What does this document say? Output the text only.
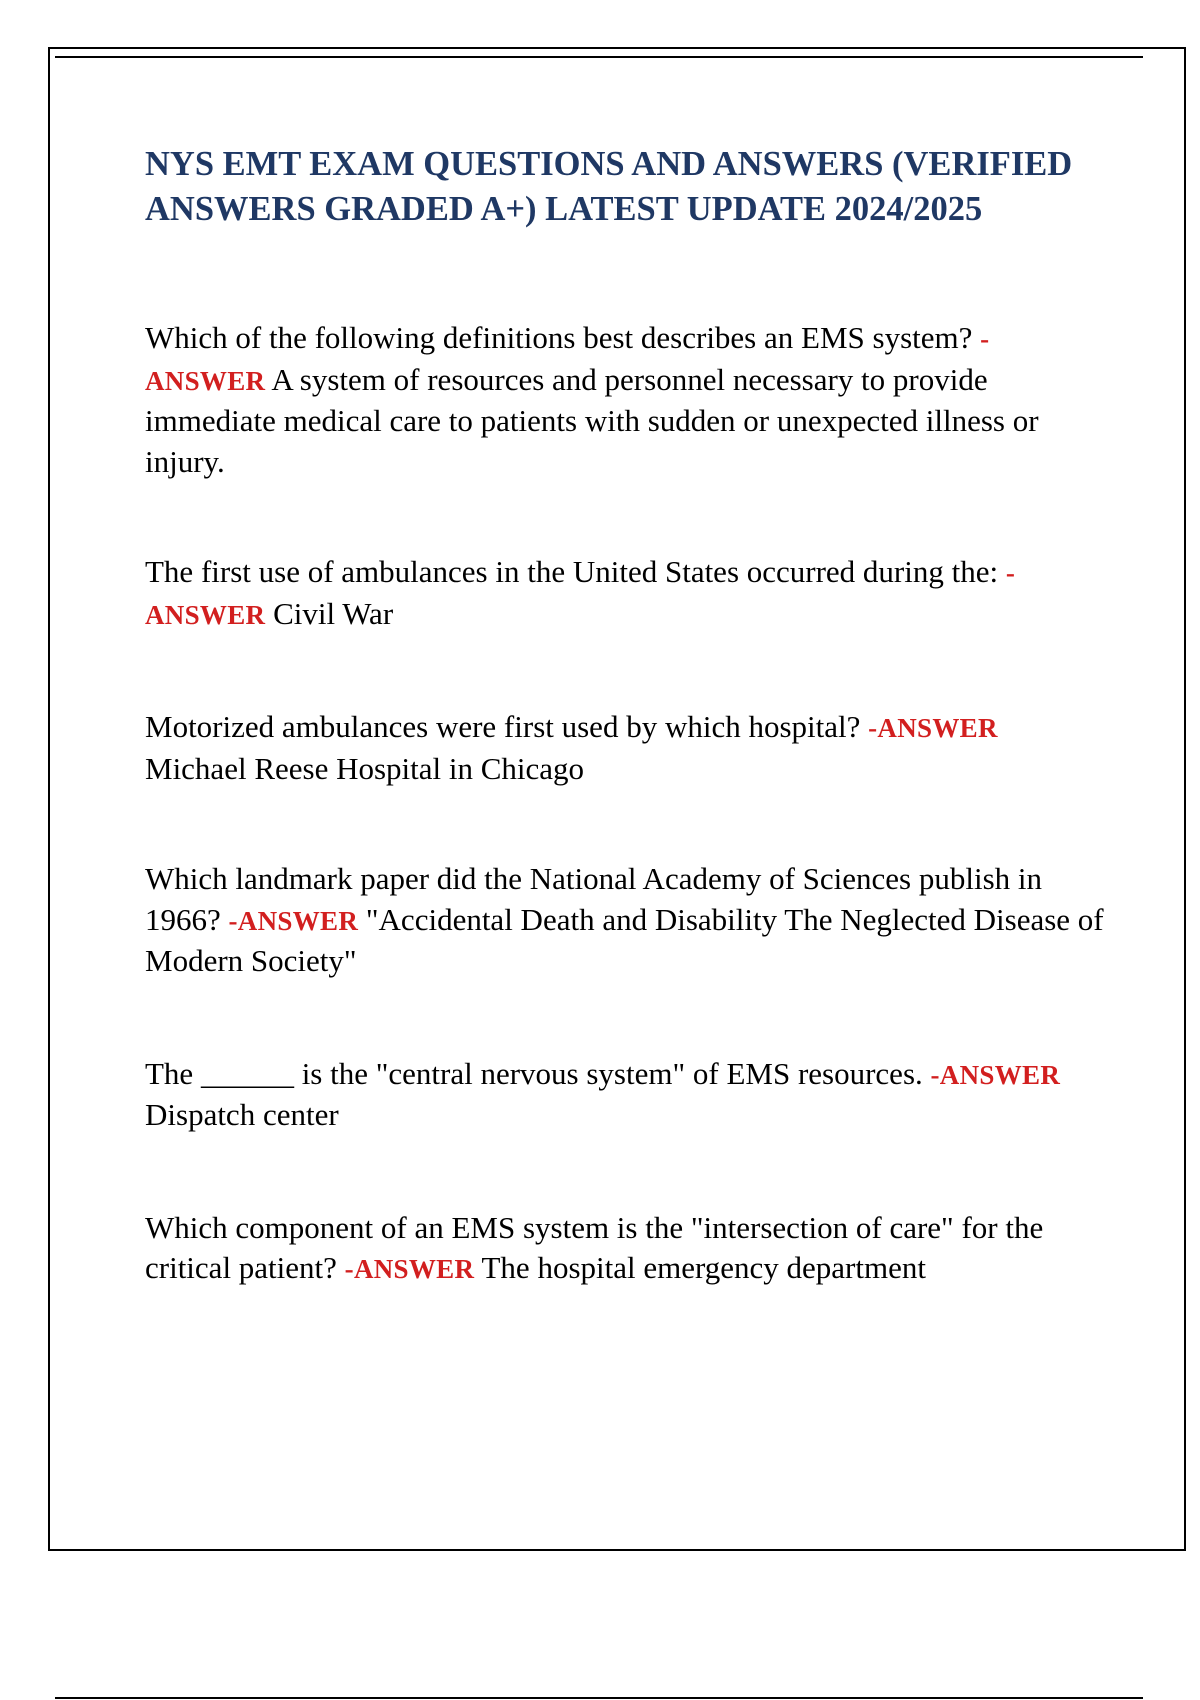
NYS EMT EXAM QUESTIONS AND ANSWERS (VERIFIED ANSWERS GRADED A+) LATEST UPDATE 2024/2025

Which of the following definitions best describes an EMS system? -ANSWER A system of resources and personnel necessary to provide immediate medical care to patients with sudden or unexpected illness or injury.

The first use of ambulances in the United States occurred during the: -ANSWER Civil War

Motorized ambulances were first used by which hospital? -ANSWER Michael Reese Hospital in Chicago

Which landmark paper did the National Academy of Sciences publish in 1966? -ANSWER "Accidental Death and Disability The Neglected Disease of Modern Society"

The ______ is the "central nervous system" of EMS resources. -ANSWER Dispatch center

Which component of an EMS system is the "intersection of care" for the critical patient? -ANSWER The hospital emergency department
